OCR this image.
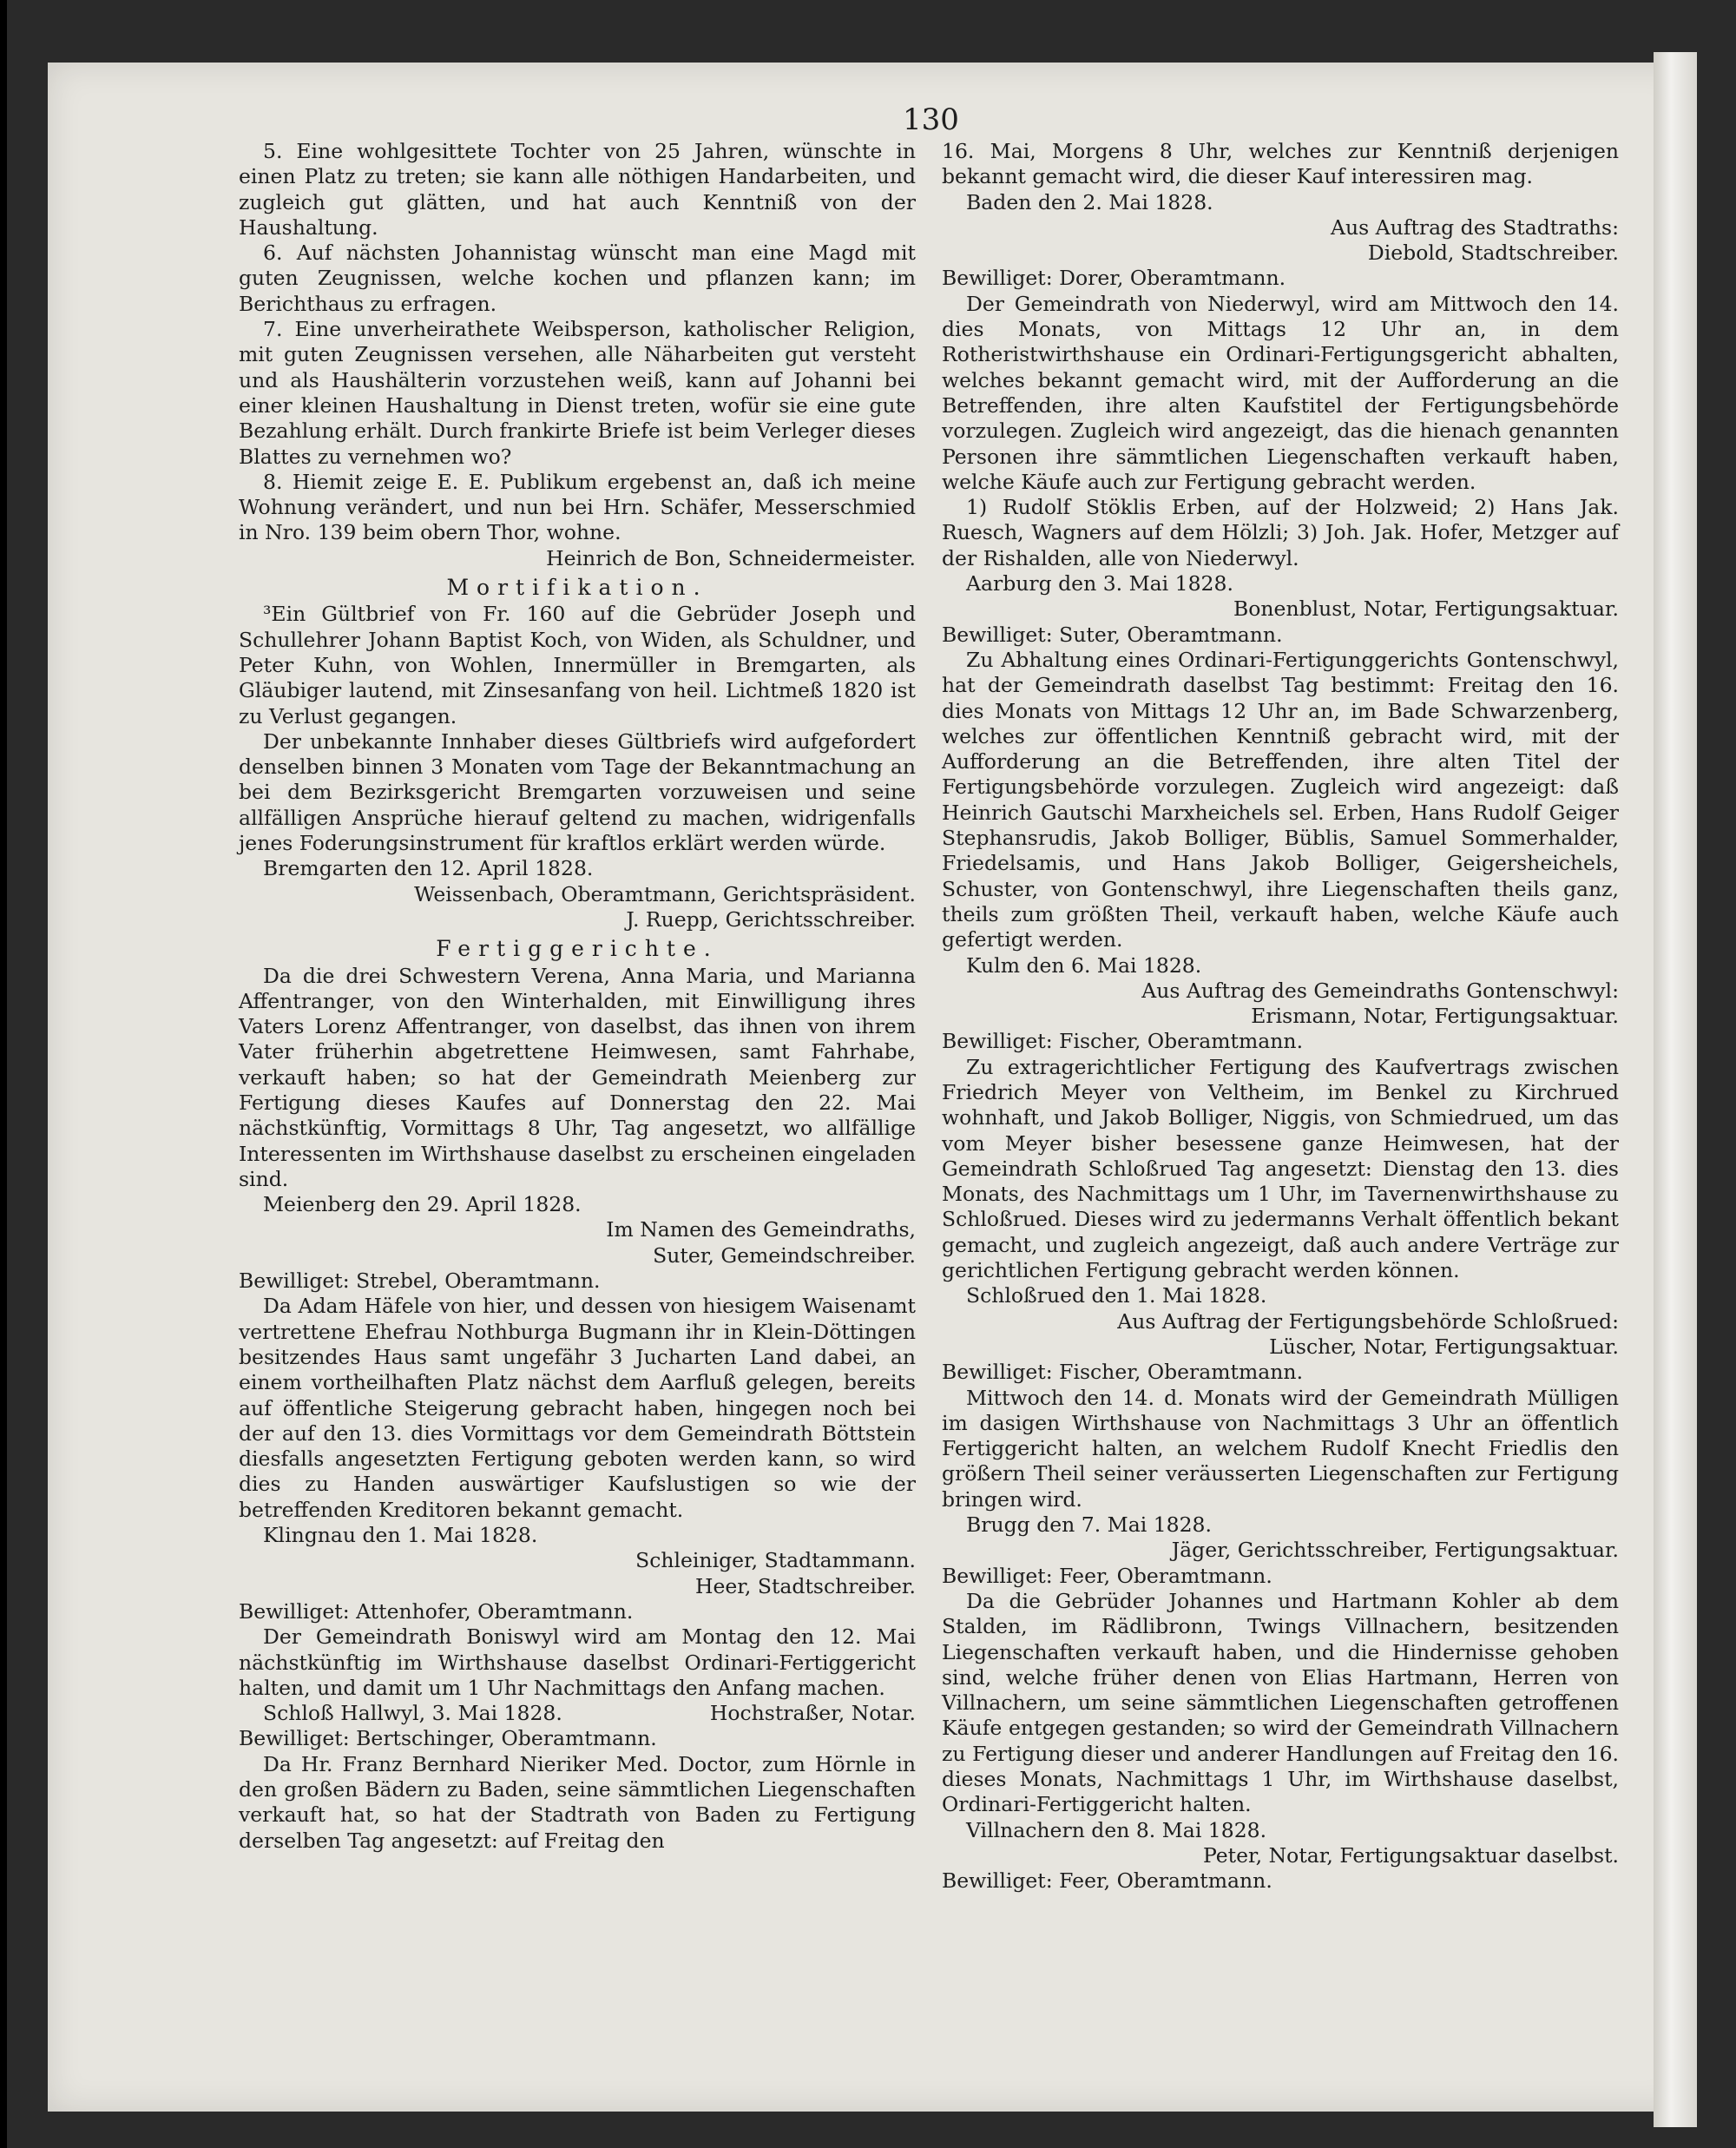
130

5. Eine wohlgesittete Tochter von 25 Jahren, wünschte in einen Platz zu treten; sie kann alle nöthigen Handarbeiten, und zugleich gut glätten, und hat auch Kenntniß von der Haushaltung.

6. Auf nächsten Johannistag wünscht man eine Magd mit guten Zeugnissen, welche kochen und pflanzen kann; im Berichthaus zu erfragen.

7. Eine unverheirathete Weibsperson, katholischer Religion, mit guten Zeugnissen versehen, alle Näharbeiten gut versteht und als Haushälterin vorzustehen weiß, kann auf Johanni bei einer kleinen Haushaltung in Dienst treten, wofür sie eine gute Bezahlung erhält. Durch frankirte Briefe ist beim Verleger dieses Blattes zu vernehmen wo?

8. Hiemit zeige E. E. Publikum ergebenst an, daß ich meine Wohnung verändert, und nun bei Hrn. Schäfer, Messerschmied in Nro. 139 beim obern Thor, wohne.

Heinrich de Bon, Schneidermeister.

Mortifikation.

³Ein Gültbrief von Fr. 160 auf die Gebrüder Joseph und Schullehrer Johann Baptist Koch, von Widen, als Schuldner, und Peter Kuhn, von Wohlen, Innermüller in Bremgarten, als Gläubiger lautend, mit Zinsesanfang von heil. Lichtmeß 1820 ist zu Verlust gegangen.

Der unbekannte Innhaber dieses Gültbriefs wird aufgefordert denselben binnen 3 Monaten vom Tage der Bekanntmachung an bei dem Bezirksgericht Bremgarten vorzuweisen und seine allfälligen Ansprüche hierauf geltend zu machen, widrigenfalls jenes Foderungsinstrument für kraftlos erklärt werden würde.

Bremgarten den 12. April 1828.

Weissenbach, Oberamtmann, Gerichtspräsident.

J. Ruepp, Gerichtsschreiber.

Fertiggerichte.

Da die drei Schwestern Verena, Anna Maria, und Marianna Affentranger, von den Winterhalden, mit Einwilligung ihres Vaters Lorenz Affentranger, von daselbst, das ihnen von ihrem Vater früherhin abgetrettene Heimwesen, samt Fahrhabe, verkauft haben; so hat der Gemeindrath Meienberg zur Fertigung dieses Kaufes auf Donnerstag den 22. Mai nächstkünftig, Vormittags 8 Uhr, Tag angesetzt, wo allfällige Interessenten im Wirthshause daselbst zu erscheinen eingeladen sind.

Meienberg den 29. April 1828.

Im Namen des Gemeindraths,

Suter, Gemeindschreiber.

Bewilliget: Strebel, Oberamtmann.

Da Adam Häfele von hier, und dessen von hiesigem Waisenamt vertrettene Ehefrau Nothburga Bugmann ihr in Klein-Döttingen besitzendes Haus samt ungefähr 3 Jucharten Land dabei, an einem vortheilhaften Platz nächst dem Aarfluß gelegen, bereits auf öffentliche Steigerung gebracht haben, hingegen noch bei der auf den 13. dies Vormittags vor dem Gemeindrath Böttstein diesfalls angesetzten Fertigung geboten werden kann, so wird dies zu Handen auswärtiger Kaufslustigen so wie der betreffenden Kreditoren bekannt gemacht.

Klingnau den 1. Mai 1828.

Schleiniger, Stadtammann.

Heer, Stadtschreiber.

Bewilliget: Attenhofer, Oberamtmann.

Der Gemeindrath Boniswyl wird am Montag den 12. Mai nächstkünftig im Wirthshause daselbst Ordinari-Fertiggericht halten, und damit um 1 Uhr Nachmittags den Anfang machen.

Schloß Hallwyl, 3. Mai 1828.	Hochstraßer, Notar.

Bewilliget: Bertschinger, Oberamtmann.

Da Hr. Franz Bernhard Nieriker Med. Doctor, zum Hörnle in den großen Bädern zu Baden, seine sämmtlichen Liegenschaften verkauft hat, so hat der Stadtrath von Baden zu Fertigung derselben Tag angesetzt: auf Freitag den

16. Mai, Morgens 8 Uhr, welches zur Kenntniß derjenigen bekannt gemacht wird, die dieser Kauf interessiren mag.

Baden den 2. Mai 1828.

Aus Auftrag des Stadtraths:

Diebold, Stadtschreiber.

Bewilliget: Dorer, Oberamtmann.

Der Gemeindrath von Niederwyl, wird am Mittwoch den 14. dies Monats, von Mittags 12 Uhr an, in dem Rotheristwirthshause ein Ordinari-Fertigungsgericht abhalten, welches bekannt gemacht wird, mit der Aufforderung an die Betreffenden, ihre alten Kaufstitel der Fertigungsbehörde vorzulegen. Zugleich wird angezeigt, das die hienach genannten Personen ihre sämmtlichen Liegenschaften verkauft haben, welche Käufe auch zur Fertigung gebracht werden.

1) Rudolf Stöklis Erben, auf der Holzweid; 2) Hans Jak. Ruesch, Wagners auf dem Hölzli; 3) Joh. Jak. Hofer, Metzger auf der Rishalden, alle von Niederwyl.

Aarburg den 3. Mai 1828.

Bonenblust, Notar, Fertigungsaktuar.

Bewilliget: Suter, Oberamtmann.

Zu Abhaltung eines Ordinari-Fertigunggerichts Gontenschwyl, hat der Gemeindrath daselbst Tag bestimmt: Freitag den 16. dies Monats von Mittags 12 Uhr an, im Bade Schwarzenberg, welches zur öffentlichen Kenntniß gebracht wird, mit der Aufforderung an die Betreffenden, ihre alten Titel der Fertigungsbehörde vorzulegen. Zugleich wird angezeigt: daß Heinrich Gautschi Marxheichels sel. Erben, Hans Rudolf Geiger Stephansrudis, Jakob Bolliger, Büblis, Samuel Sommerhalder, Friedelsamis, und Hans Jakob Bolliger, Geigersheichels, Schuster, von Gontenschwyl, ihre Liegenschaften theils ganz, theils zum größten Theil, verkauft haben, welche Käufe auch gefertigt werden.

Kulm den 6. Mai 1828.

Aus Auftrag des Gemeindraths Gontenschwyl:

Erismann, Notar, Fertigungsaktuar.

Bewilliget: Fischer, Oberamtmann.

Zu extragerichtlicher Fertigung des Kaufvertrags zwischen Friedrich Meyer von Veltheim, im Benkel zu Kirchrued wohnhaft, und Jakob Bolliger, Niggis, von Schmiedrued, um das vom Meyer bisher besessene ganze Heimwesen, hat der Gemeindrath Schloßrued Tag angesetzt: Dienstag den 13. dies Monats, des Nachmittags um 1 Uhr, im Tavernenwirthshause zu Schloßrued. Dieses wird zu jedermanns Verhalt öffentlich bekant gemacht, und zugleich angezeigt, daß auch andere Verträge zur gerichtlichen Fertigung gebracht werden können.

Schloßrued den 1. Mai 1828.

Aus Auftrag der Fertigungsbehörde Schloßrued:

Lüscher, Notar, Fertigungsaktuar.

Bewilliget: Fischer, Oberamtmann.

Mittwoch den 14. d. Monats wird der Gemeindrath Mülligen im dasigen Wirthshause von Nachmittags 3 Uhr an öffentlich Fertiggericht halten, an welchem Rudolf Knecht Friedlis den größern Theil seiner veräusserten Liegenschaften zur Fertigung bringen wird.

Brugg den 7. Mai 1828.

Jäger, Gerichtsschreiber, Fertigungsaktuar.

Bewilliget: Feer, Oberamtmann.

Da die Gebrüder Johannes und Hartmann Kohler ab dem Stalden, im Rädlibronn, Twings Villnachern, besitzenden Liegenschaften verkauft haben, und die Hindernisse gehoben sind, welche früher denen von Elias Hartmann, Herren von Villnachern, um seine sämmtlichen Liegenschaften getroffenen Käufe entgegen gestanden; so wird der Gemeindrath Villnachern zu Fertigung dieser und anderer Handlungen auf Freitag den 16. dieses Monats, Nachmittags 1 Uhr, im Wirthshause daselbst, Ordinari-Fertiggericht halten.

Villnachern den 8. Mai 1828.

Peter, Notar, Fertigungsaktuar daselbst.

Bewilliget: Feer, Oberamtmann.
